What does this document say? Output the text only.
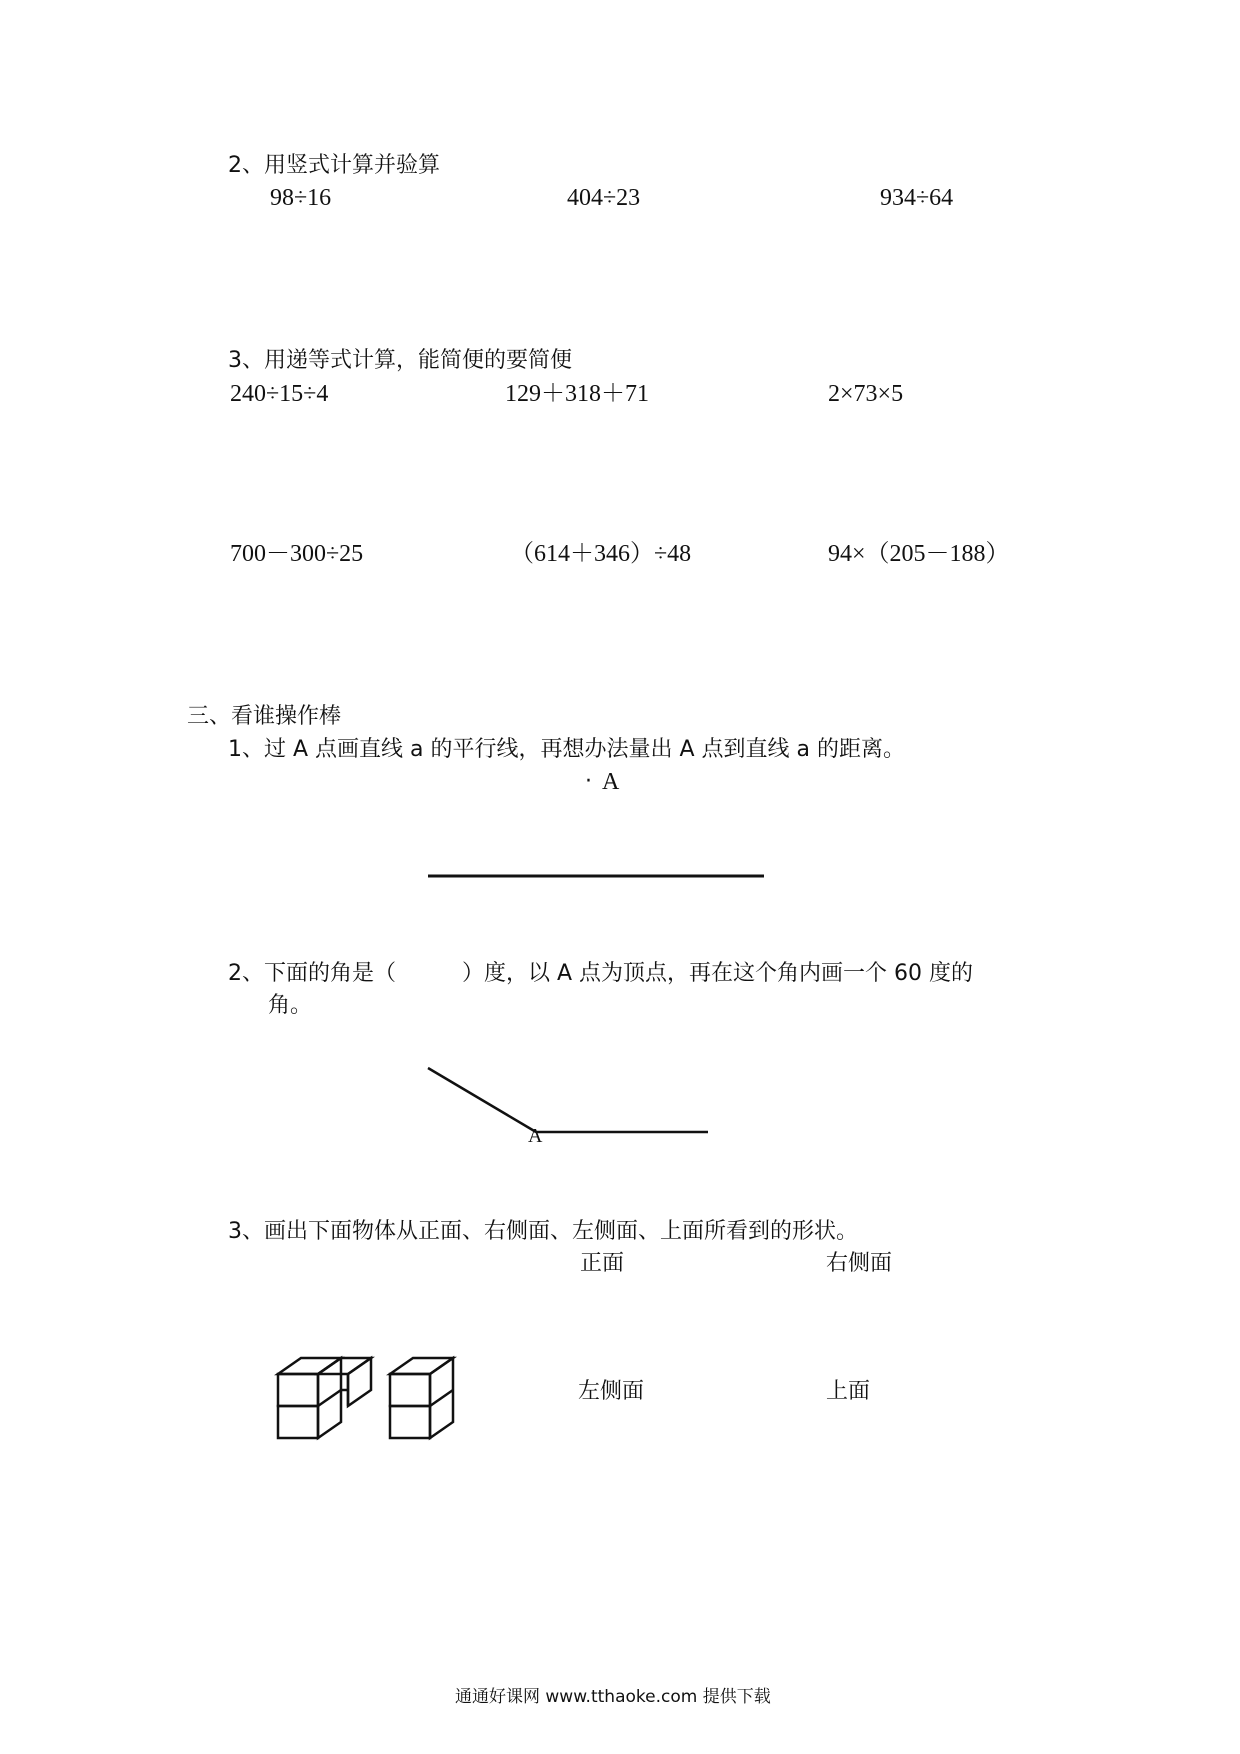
2、用竖式计算并验算
98÷16	404÷23	934÷64
3、用递等式计算，能简便的要简便
240÷15÷4	129＋318＋71	2×73×5
700－300÷25	（614＋346）÷48	94×（205－188）
三、看谁操作棒
1、过 A 点画直线 a 的平行线，再想办法量出 A 点到直线 a 的距离。
· A
2、下面的角是（　　　）度，以 A 点为顶点，再在这个角内画一个 60 度的
角。
A
3、画出下面物体从正面、右侧面、左侧面、上面所看到的形状。
正面	右侧面
左侧面	上面
通通好课网 www.tthaoke.com 提供下载
